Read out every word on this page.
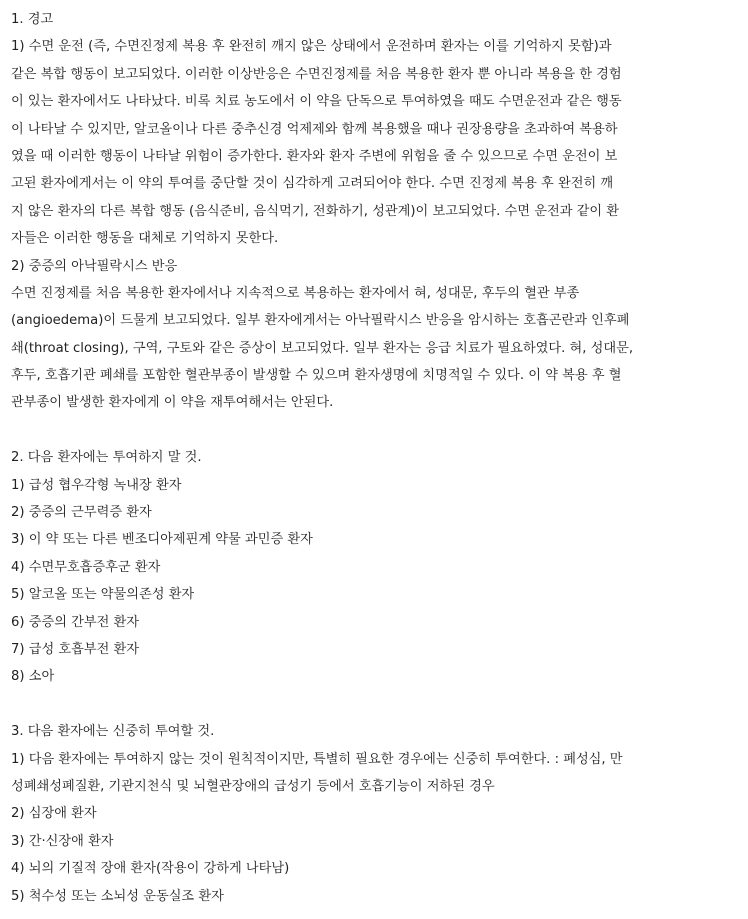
1. 경고
1) 수면 운전 (즉, 수면진정제 복용 후 완전히 깨지 않은 상태에서 운전하며 환자는 이를 기억하지 못함)과
같은 복합 행동이 보고되었다. 이러한 이상반응은 수면진정제를 처음 복용한 환자 뿐 아니라 복용을 한 경험
이 있는 환자에서도 나타났다. 비록 치료 농도에서 이 약을 단독으로 투여하였을 때도 수면운전과 같은 행동
이 나타날 수 있지만, 알코올이나 다른 중추신경 억제제와 함께 복용했을 때나 권장용량을 초과하여 복용하
였을 때 이러한 행동이 나타날 위험이 증가한다. 환자와 환자 주변에 위험을 줄 수 있으므로 수면 운전이 보
고된 환자에게서는 이 약의 투여를 중단할 것이 심각하게 고려되어야 한다. 수면 진정제 복용 후 완전히 깨
지 않은 환자의 다른 복합 행동 (음식준비, 음식먹기, 전화하기, 성관계)이 보고되었다. 수면 운전과 같이 환
자들은 이러한 행동을 대체로 기억하지 못한다.
2) 중증의 아낙필락시스 반응
수면 진정제를 처음 복용한 환자에서나 지속적으로 복용하는 환자에서 혀, 성대문, 후두의 혈관 부종
(angioedema)이 드물게 보고되었다. 일부 환자에게서는 아낙필락시스 반응을 암시하는 호흡곤란과 인후폐
쇄(throat closing), 구역, 구토와 같은 증상이 보고되었다. 일부 환자는 응급 치료가 필요하였다. 혀, 성대문,
후두, 호흡기관 폐쇄를 포함한 혈관부종이 발생할 수 있으며 환자생명에 치명적일 수 있다. 이 약 복용 후 혈
관부종이 발생한 환자에게 이 약을 재투여해서는 안된다.
2. 다음 환자에는 투여하지 말 것.
1) 급성 협우각형 녹내장 환자
2) 중증의 근무력증 환자
3) 이 약 또는 다른 벤조디아제핀계 약물 과민증 환자
4) 수면무호흡증후군 환자
5) 알코올 또는 약물의존성 환자
6) 중증의 간부전 환자
7) 급성 호흡부전 환자
8) 소아
3. 다음 환자에는 신중히 투여할 것.
1) 다음 환자에는 투여하지 않는 것이 원칙적이지만, 특별히 필요한 경우에는 신중히 투여한다. : 폐성심, 만
성폐쇄성폐질환, 기관지천식 및 뇌혈관장애의 급성기 등에서 호흡기능이 저하된 경우
2) 심장애 환자
3) 간·신장애 환자
4) 뇌의 기질적 장애 환자(작용이 강하게 나타남)
5) 척수성 또는 소뇌성 운동실조 환자
